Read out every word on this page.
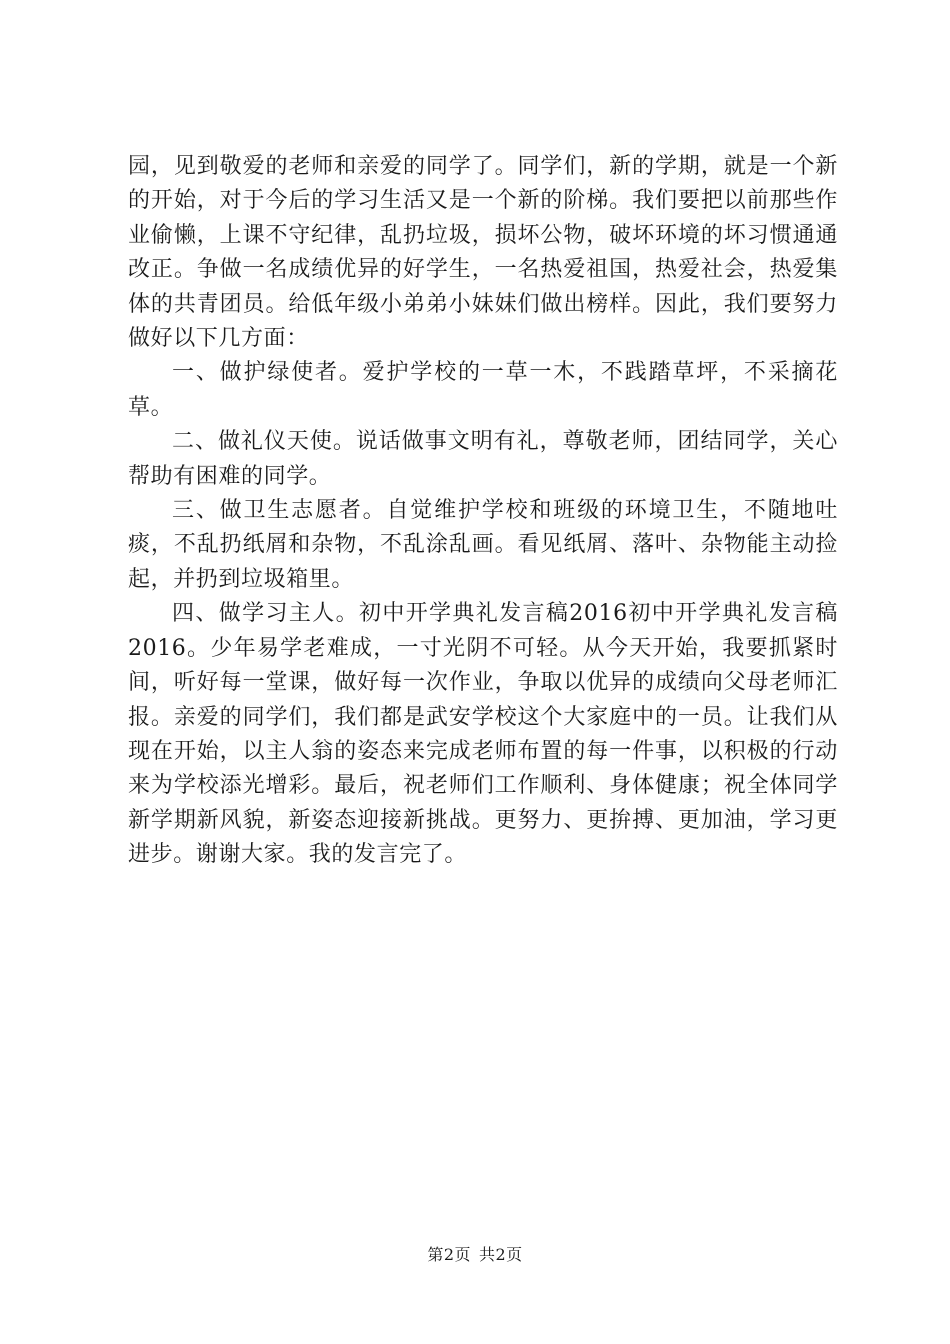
园，见到敬爱的老师和亲爱的同学了。同学们，新的学期，就是一个新的开始，对于今后的学习生活又是一个新的阶梯。我们要把以前那些作业偷懒，上课不守纪律，乱扔垃圾，损坏公物，破坏环境的坏习惯通通改正。争做一名成绩优异的好学生，一名热爱祖国，热爱社会，热爱集体的共青团员。给低年级小弟弟小妹妹们做出榜样。因此，我们要努力做好以下几方面：

一、做护绿使者。爱护学校的一草一木，不践踏草坪，不采摘花草。

二、做礼仪天使。说话做事文明有礼，尊敬老师，团结同学，关心帮助有困难的同学。

三、做卫生志愿者。自觉维护学校和班级的环境卫生，不随地吐痰，不乱扔纸屑和杂物，不乱涂乱画。看见纸屑、落叶、杂物能主动捡起，并扔到垃圾箱里。

四、做学习主人。初中开学典礼发言稿2016初中开学典礼发言稿2016。少年易学老难成，一寸光阴不可轻。从今天开始，我要抓紧时间，听好每一堂课，做好每一次作业，争取以优异的成绩向父母老师汇报。亲爱的同学们，我们都是武安学校这个大家庭中的一员。让我们从现在开始，以主人翁的姿态来完成老师布置的每一件事，以积极的行动来为学校添光增彩。最后，祝老师们工作顺利、身体健康；祝全体同学新学期新风貌，新姿态迎接新挑战。更努力、更拚搏、更加油，学习更进步。谢谢大家。我的发言完了。

第2页 共2页
